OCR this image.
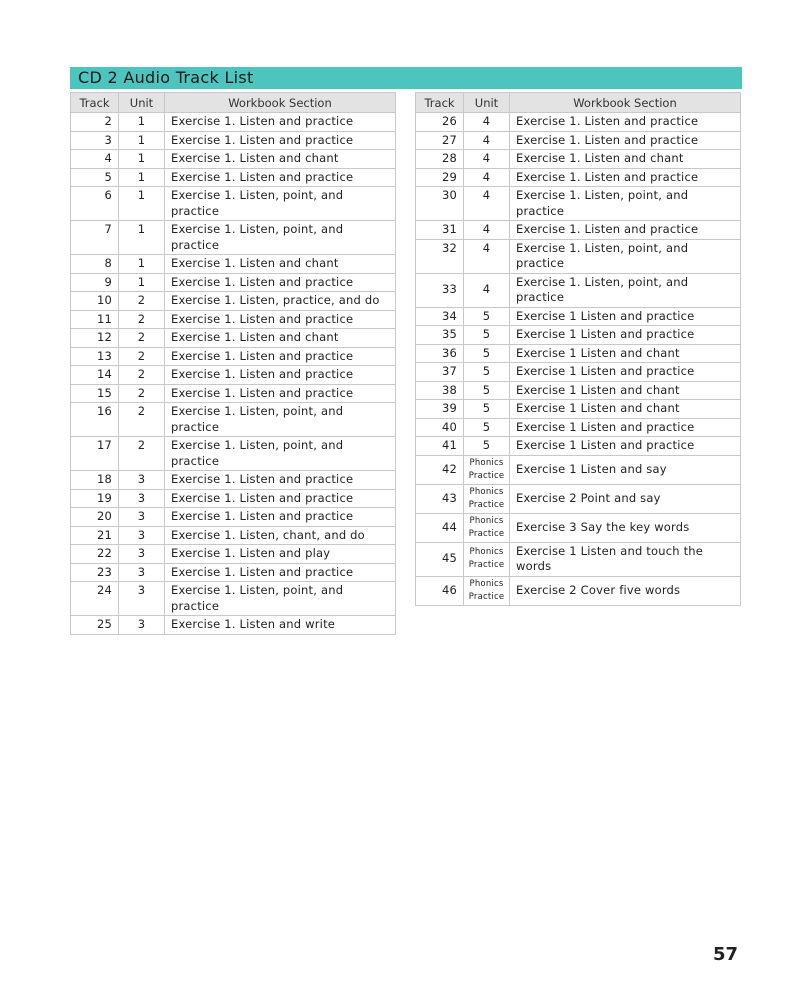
CD 2 Audio Track List
Track	Unit	Workbook Section
2	1	Exercise 1. Listen and practice
3	1	Exercise 1. Listen and practice
4	1	Exercise 1. Listen and chant
5	1	Exercise 1. Listen and practice
6	1	Exercise 1. Listen, point, and practice
7	1	Exercise 1. Listen, point, and practice
8	1	Exercise 1. Listen and chant
9	1	Exercise 1. Listen and practice
10	2	Exercise 1. Listen, practice, and do
11	2	Exercise 1. Listen and practice
12	2	Exercise 1. Listen and chant
13	2	Exercise 1. Listen and practice
14	2	Exercise 1. Listen and practice
15	2	Exercise 1. Listen and practice
16	2	Exercise 1. Listen, point, and practice
17	2	Exercise 1. Listen, point, and practice
18	3	Exercise 1. Listen and practice
19	3	Exercise 1. Listen and practice
20	3	Exercise 1. Listen and practice
21	3	Exercise 1. Listen, chant, and do
22	3	Exercise 1. Listen and play
23	3	Exercise 1. Listen and practice
24	3	Exercise 1. Listen, point, and practice
25	3	Exercise 1. Listen and write
Track	Unit	Workbook Section
26	4	Exercise 1. Listen and practice
27	4	Exercise 1. Listen and practice
28	4	Exercise 1. Listen and chant
29	4	Exercise 1. Listen and practice
30	4	Exercise 1. Listen, point, and practice
31	4	Exercise 1. Listen and practice
32	4	Exercise 1. Listen, point, and practice
33	4	Exercise 1. Listen, point, and practice
34	5	Exercise 1 Listen and practice
35	5	Exercise 1 Listen and practice
36	5	Exercise 1 Listen and chant
37	5	Exercise 1 Listen and practice
38	5	Exercise 1 Listen and chant
39	5	Exercise 1 Listen and chant
40	5	Exercise 1 Listen and practice
41	5	Exercise 1 Listen and practice
42	Phonics Practice	Exercise 1 Listen and say
43	Phonics Practice	Exercise 2 Point and say
44	Phonics Practice	Exercise 3 Say the key words
45	Phonics Practice	Exercise 1 Listen and touch the words
46	Phonics Practice	Exercise 2 Cover five words
57
